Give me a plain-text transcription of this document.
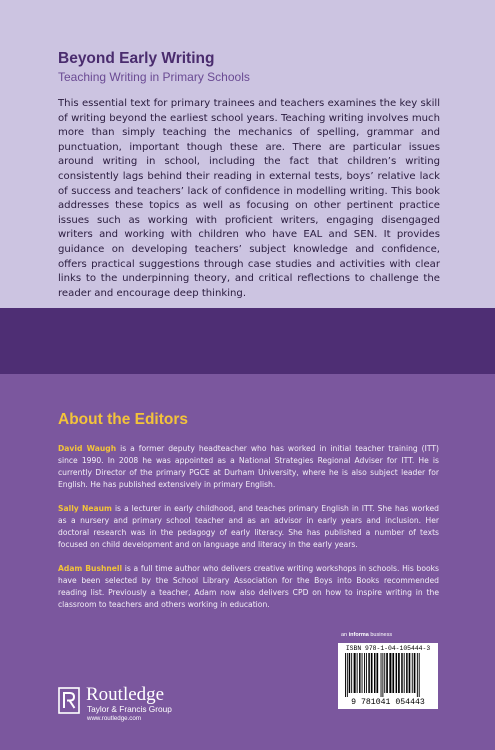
Beyond Early Writing
Teaching Writing in Primary Schools

This essential text for primary trainees and teachers examines the key skill of writing beyond the earliest school years. Teaching writing involves much more than simply teaching the mechanics of spelling, grammar and punctuation, important though these are. There are particular issues around writing in school, including the fact that children’s writing consistently lags behind their reading in external tests, boys’ relative lack of success and teachers’ lack of confidence in modelling writing. This book addresses these topics as well as focusing on other pertinent practice issues such as working with proficient writers, engaging disengaged writers and working with children who have EAL and SEN. It provides guidance on developing teachers’ subject knowledge and confidence, offers practical suggestions through case studies and activities with clear links to the underpinning theory, and critical reflections to challenge the reader and encourage deep thinking.

About the Editors

David Waugh is a former deputy headteacher who has worked in initial teacher training (ITT) since 1990. In 2008 he was appointed as a National Strategies Regional Adviser for ITT. He is currently Director of the primary PGCE at Durham University, where he is also subject leader for English. He has published extensively in primary English.

Sally Neaum is a lecturer in early childhood, and teaches primary English in ITT. She has worked as a nursery and primary school teacher and as an advisor in early years and inclusion. Her doctoral research was in the pedagogy of early literacy. She has published a number of texts focused on child development and on language and literacy in the early years.

Adam Bushnell is a full time author who delivers creative writing workshops in schools. His books have been selected by the School Library Association for the Boys into Books recommended reading list. Previously a teacher, Adam now also delivers CPD on how to inspire writing in the classroom to teachers and others working in education.

Routledge
Taylor & Francis Group
www.routledge.com
an informa business
ISBN 978-1-04-105444-3
9 781041 054443
